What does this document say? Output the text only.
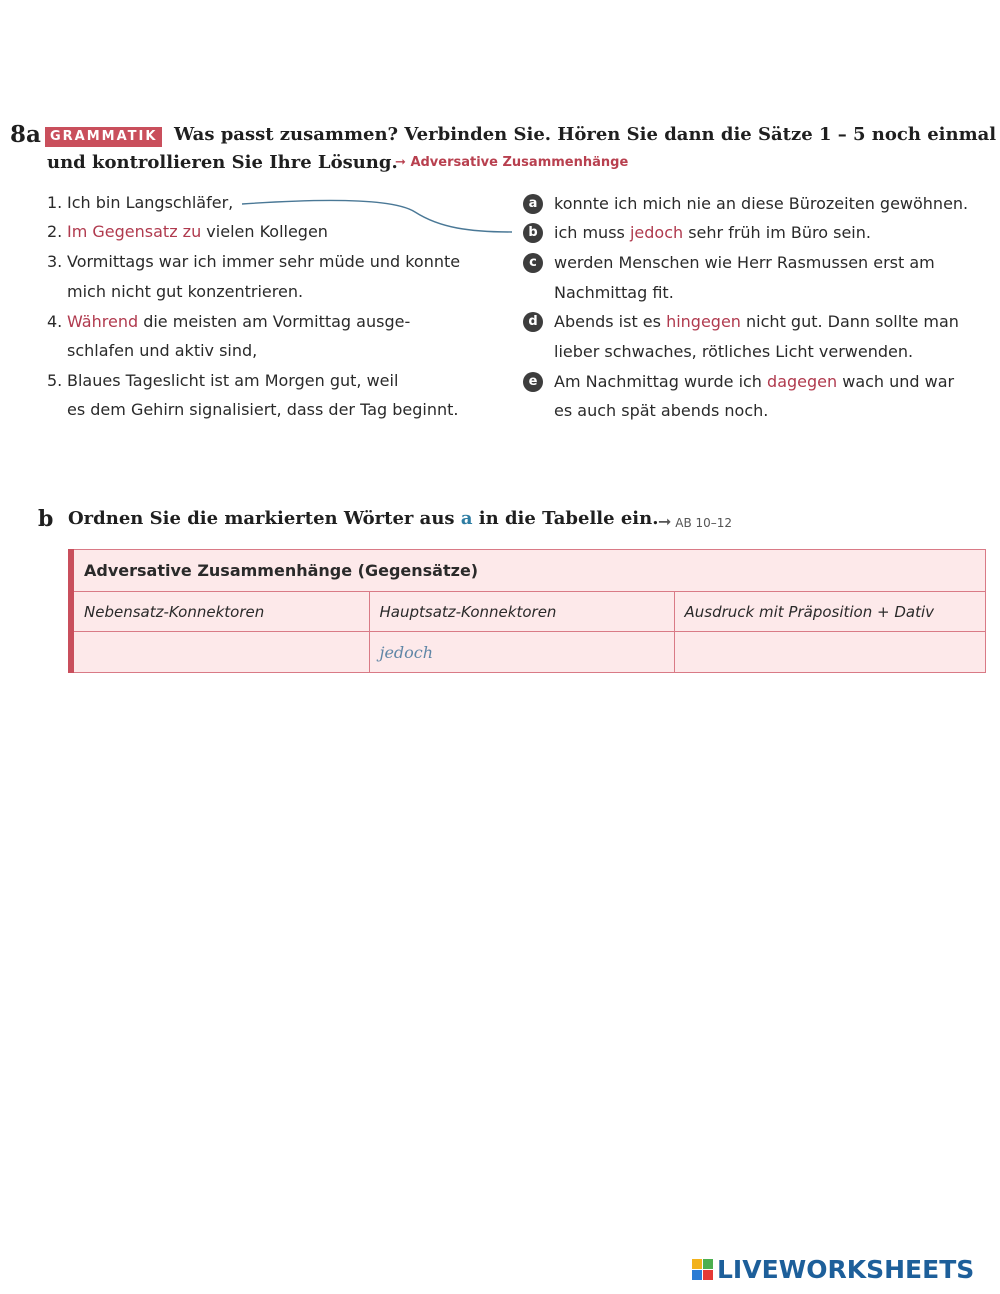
8a GRAMMATIK Was passt zusammen? Verbinden Sie. Hören Sie dann die Sätze 1 – 5 noch einmal
und kontrollieren Sie Ihre Lösung.
➞ Adversative Zusammenhänge
1. Ich bin Langschläfer,
2. Im Gegensatz zu vielen Kollegen
3. Vormittags war ich immer sehr müde und konnte
mich nicht gut konzentrieren.
4. Während die meisten am Vormittag ausge-
schlafen und aktiv sind,
5. Blaues Tageslicht ist am Morgen gut, weil
es dem Gehirn signalisiert, dass der Tag beginnt.
a	konnte ich mich nie an diese Bürozeiten gewöhnen.
b	ich muss jedoch sehr früh im Büro sein.
c	werden Menschen wie Herr Rasmussen erst am
Nachmittag fit.
d	Abends ist es hingegen nicht gut. Dann sollte man
lieber schwaches, rötliches Licht verwenden.
e	Am Nachmittag wurde ich dagegen wach und war
es auch spät abends noch.
b Ordnen Sie die markierten Wörter aus a in die Tabelle ein. ➞ AB 10–12
Adversative Zusammenhänge (Gegensätze)		
Nebensatz-Konnektoren	Hauptsatz-Konnektoren	Ausdruck mit Präposition + Dativ
	jedoch	
LIVEWORKSHEETS
